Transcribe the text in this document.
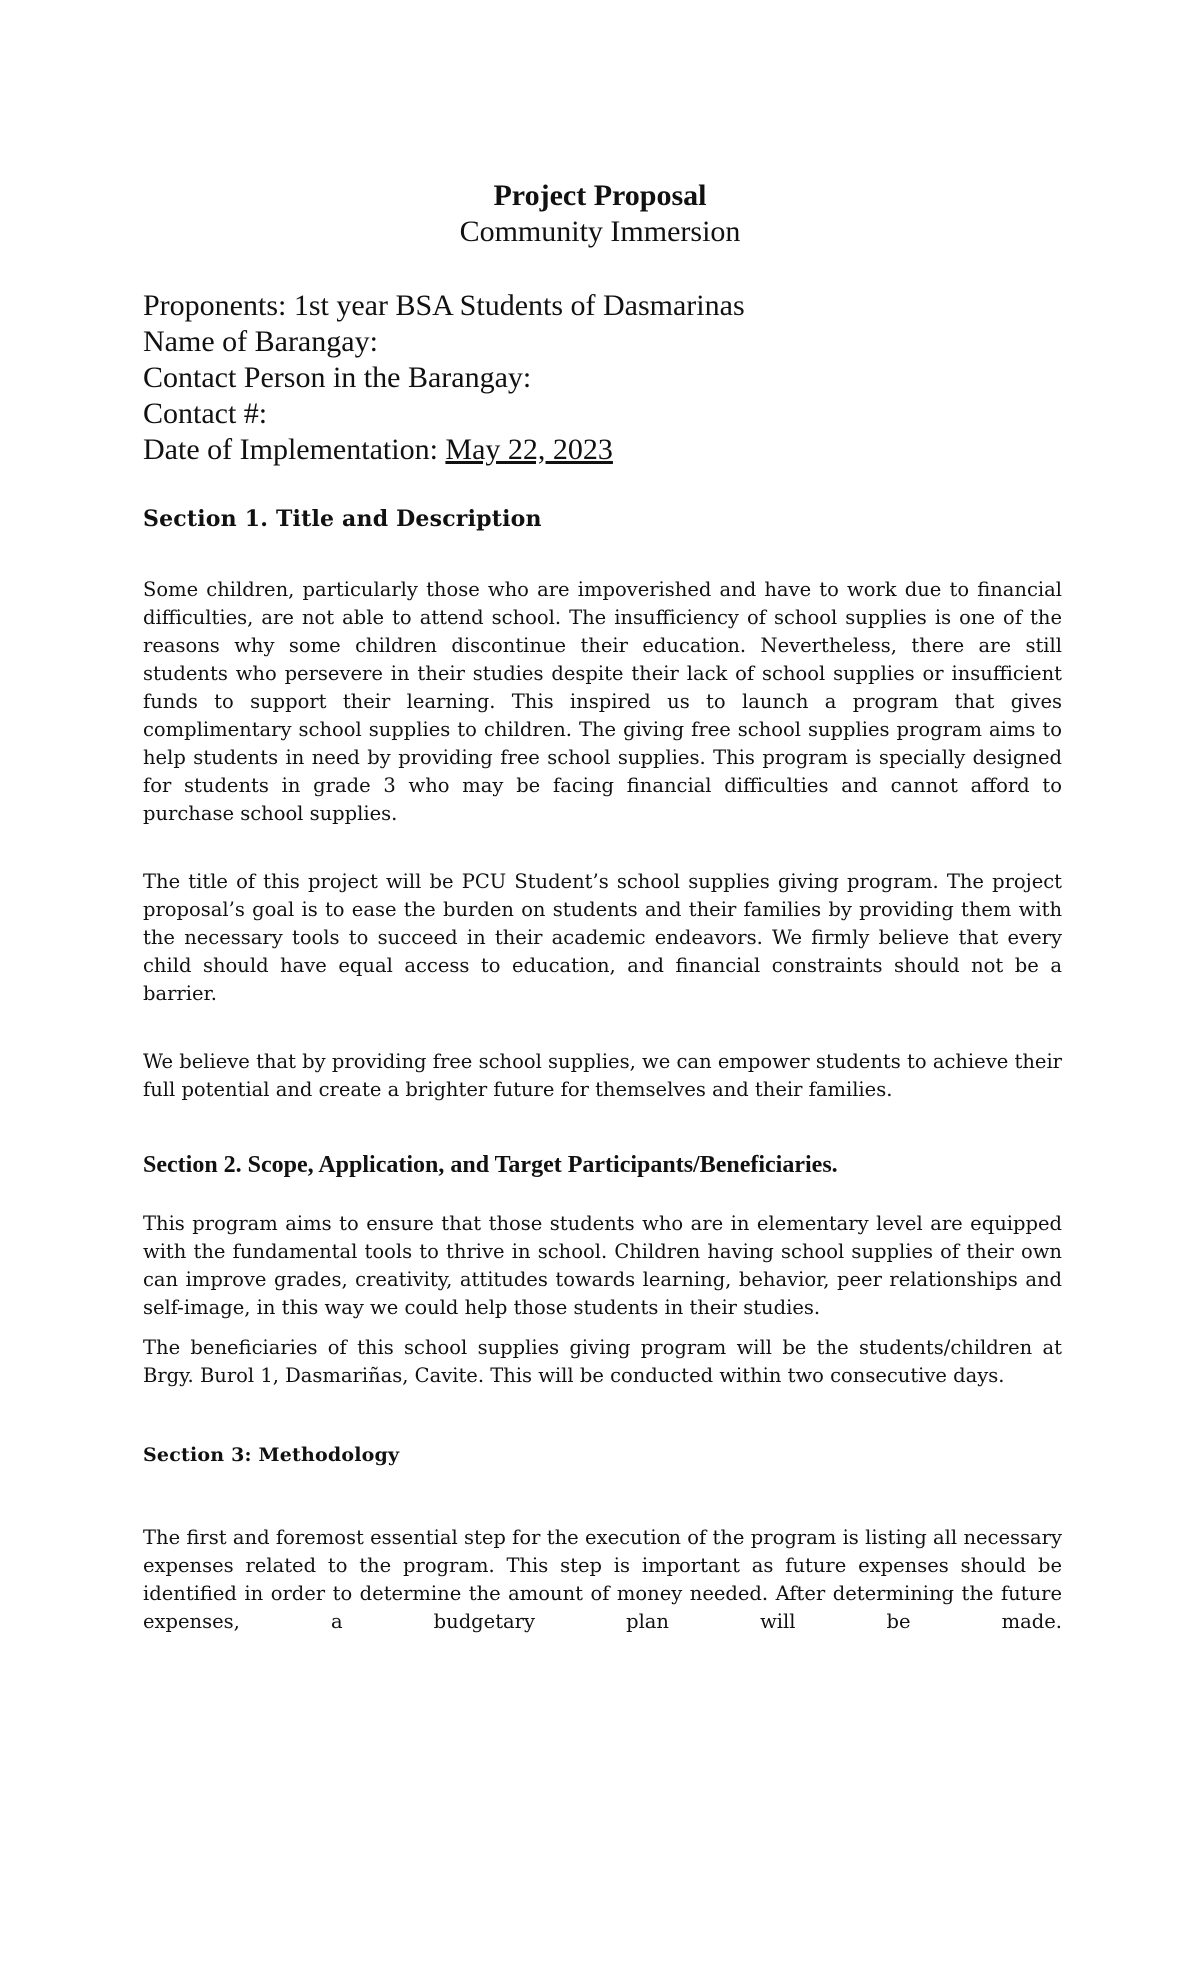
Project Proposal
Community Immersion
Proponents: 1st year BSA Students of Dasmarinas
Name of Barangay:
Contact Person in the Barangay:
Contact #:
Date of Implementation: May 22, 2023
Section 1. Title and Description

Some children, particularly those who are impoverished and have to work due to financial difficulties, are not able to attend school. The insufficiency of school supplies is one of the reasons why some children discontinue their education. Nevertheless, there are still students who persevere in their studies despite their lack of school supplies or insufficient funds to support their learning. This inspired us to launch a program that gives complimentary school supplies to children. The giving free school supplies program aims to help students in need by providing free school supplies. This program is specially designed for students in grade 3 who may be facing financial difficulties and cannot afford to purchase school supplies.

The title of this project will be PCU Student’s school supplies giving program. The project proposal’s goal is to ease the burden on students and their families by providing them with the necessary tools to succeed in their academic endeavors. We firmly believe that every child should have equal access to education, and financial constraints should not be a barrier.

We believe that by providing free school supplies, we can empower students to achieve their full potential and create a brighter future for themselves and their families.

Section 2. Scope, Application, and Target Participants/Beneficiaries.

This program aims to ensure that those students who are in elementary level are equipped with the fundamental tools to thrive in school. Children having school supplies of their own can improve grades, creativity, attitudes towards learning, behavior, peer relationships and self-image, in this way we could help those students in their studies.

The beneficiaries of this school supplies giving program will be the students/children at Brgy. Burol 1, Dasmariñas, Cavite. This will be conducted within two consecutive days.

Section 3: Methodology

The first and foremost essential step for the execution of the program is listing all necessary expenses related to the program. This step is important as future expenses should be identified in order to determine the amount of money needed. After determining the future expenses, a budgetary plan will be made.
